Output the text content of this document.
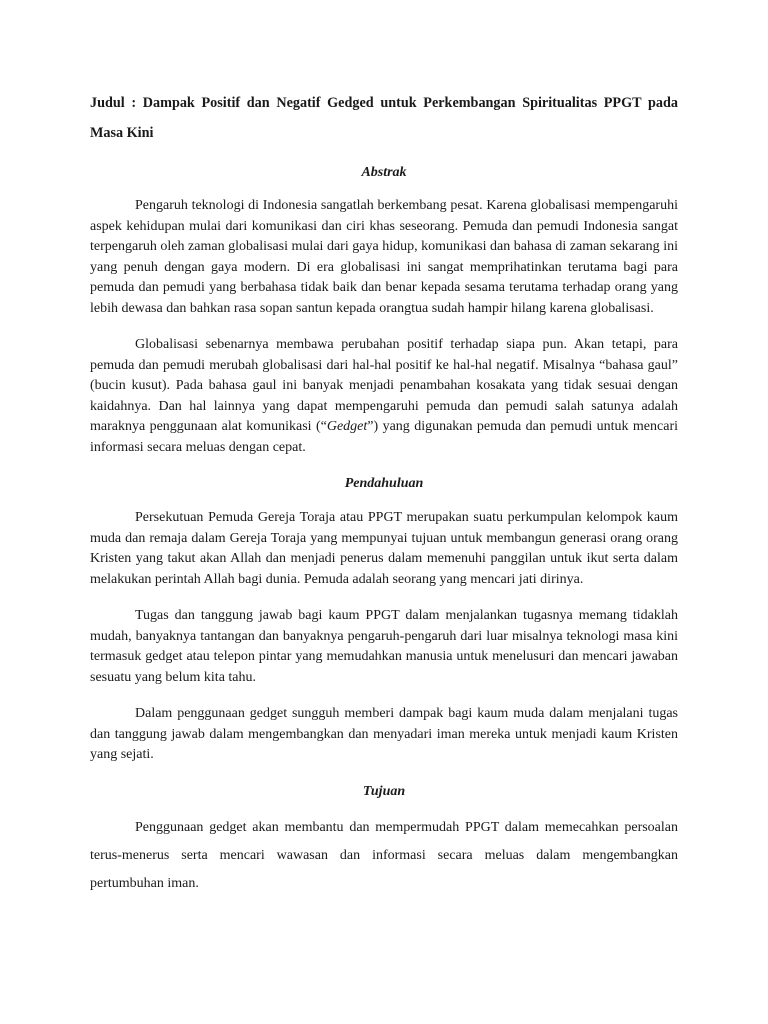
Judul : Dampak Positif dan Negatif Gedged untuk Perkembangan Spiritualitas PPGT pada Masa Kini

Abstrak

Pengaruh teknologi di Indonesia sangatlah berkembang pesat. Karena globalisasi mempengaruhi aspek kehidupan mulai dari komunikasi dan ciri khas seseorang. Pemuda dan pemudi Indonesia sangat terpengaruh oleh zaman globalisasi mulai dari gaya hidup, komunikasi dan bahasa di zaman sekarang ini yang penuh dengan gaya modern. Di era globalisasi ini sangat memprihatinkan terutama bagi para pemuda dan pemudi yang berbahasa tidak baik dan benar kepada sesama terutama terhadap orang yang lebih dewasa dan bahkan rasa sopan santun kepada orangtua sudah hampir hilang karena globalisasi.

Globalisasi sebenarnya membawa perubahan positif terhadap siapa pun. Akan tetapi, para pemuda dan pemudi merubah globalisasi dari hal-hal positif ke hal-hal negatif. Misalnya “bahasa gaul” (bucin kusut). Pada bahasa gaul ini banyak menjadi penambahan kosakata yang tidak sesuai dengan kaidahnya. Dan hal lainnya yang dapat mempengaruhi pemuda dan pemudi salah satunya adalah maraknya penggunaan alat komunikasi (“Gedget”) yang digunakan pemuda dan pemudi untuk mencari informasi secara meluas dengan cepat.

Pendahuluan

Persekutuan Pemuda Gereja Toraja atau PPGT merupakan suatu perkumpulan kelompok kaum muda dan remaja dalam Gereja Toraja yang mempunyai tujuan untuk membangun generasi orang orang Kristen yang takut akan Allah dan menjadi penerus dalam memenuhi panggilan untuk ikut serta dalam melakukan perintah Allah bagi dunia. Pemuda adalah seorang yang mencari jati dirinya.

Tugas dan tanggung jawab bagi kaum PPGT dalam menjalankan tugasnya memang tidaklah mudah, banyaknya tantangan dan banyaknya pengaruh-pengaruh dari luar misalnya teknologi masa kini termasuk gedget atau telepon pintar yang memudahkan manusia untuk menelusuri dan mencari jawaban sesuatu yang belum kita tahu.

Dalam penggunaan gedget sungguh memberi dampak bagi kaum muda dalam menjalani tugas dan tanggung jawab dalam mengembangkan dan menyadari iman mereka untuk menjadi kaum Kristen yang sejati.

Tujuan

Penggunaan gedget akan membantu dan mempermudah PPGT dalam memecahkan persoalan terus-menerus serta mencari wawasan dan informasi secara meluas dalam mengembangkan pertumbuhan iman.
